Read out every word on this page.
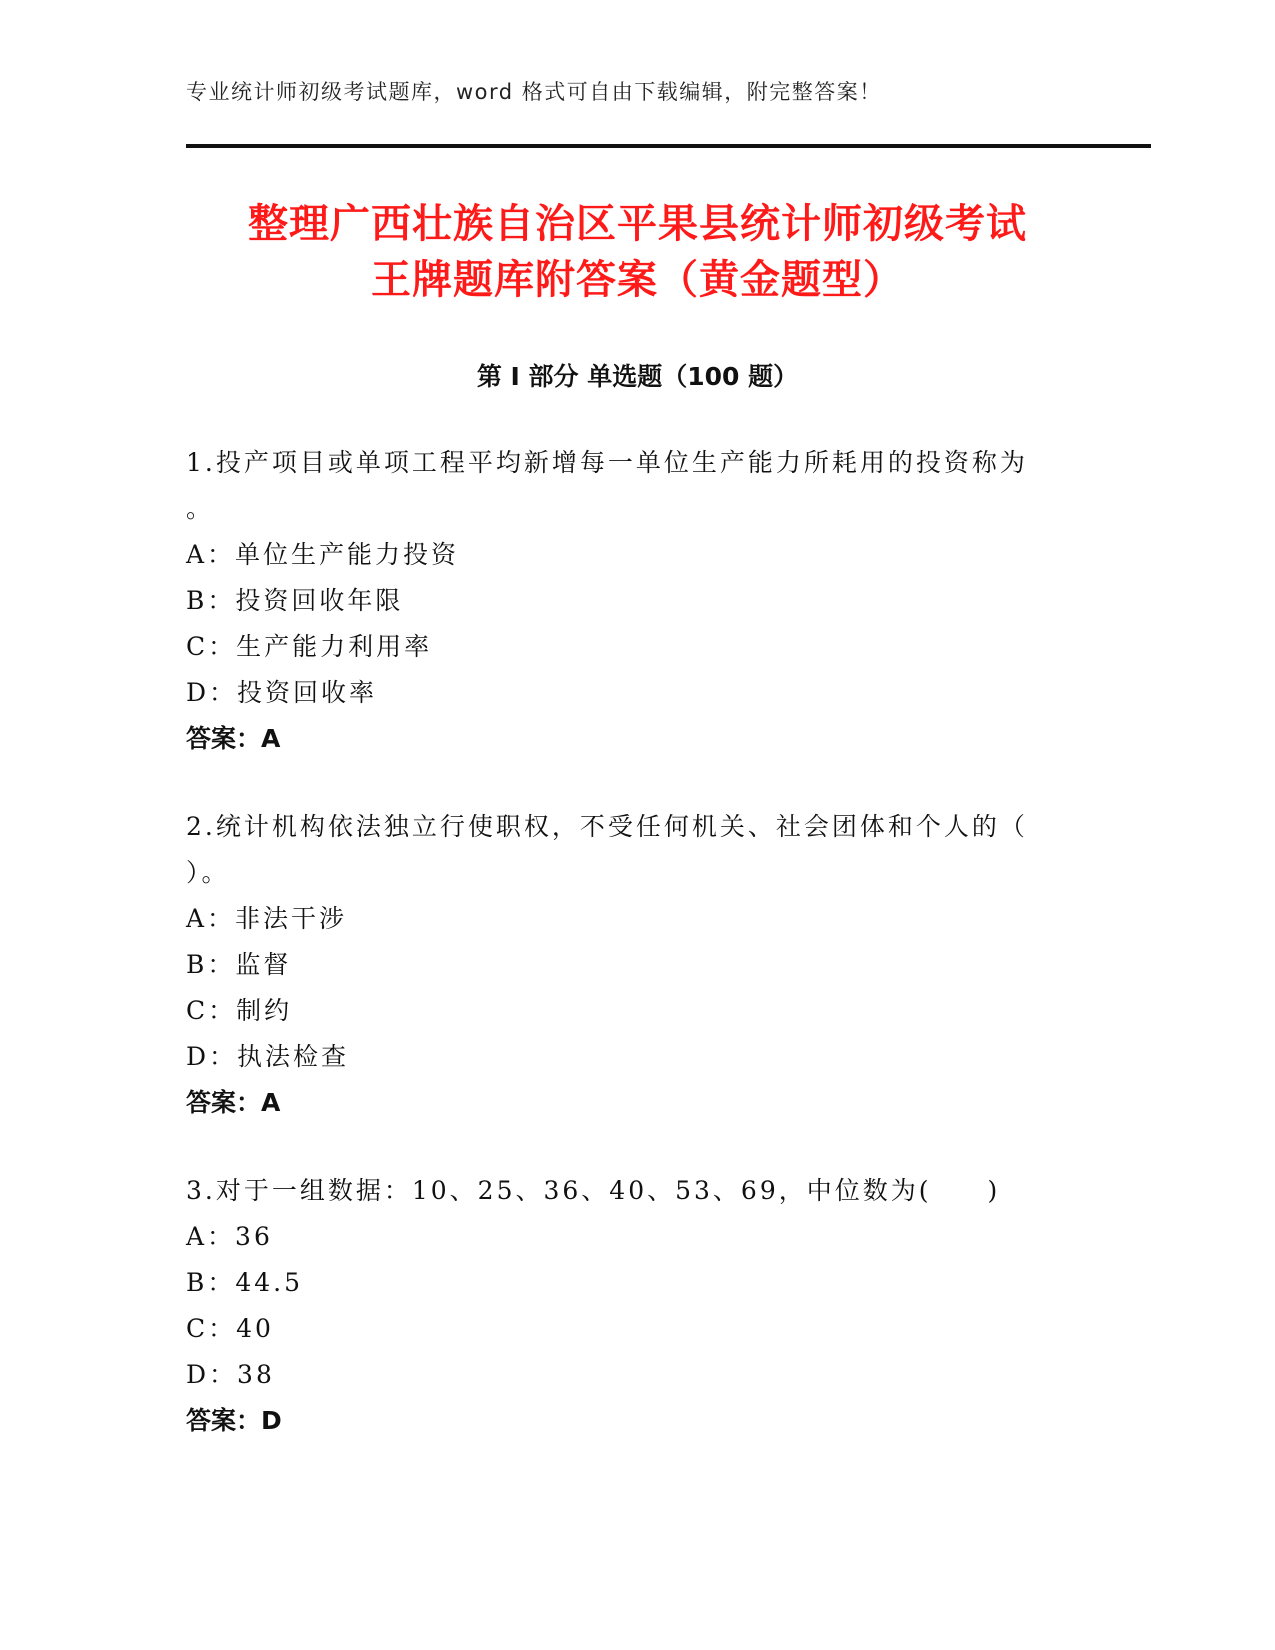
专业统计师初级考试题库，word 格式可自由下载编辑，附完整答案！
整理广西壮族自治区平果县统计师初级考试
王牌题库附答案（黄金题型）
第 I 部分 单选题（100 题）

1.投产项目或单项工程平均新增每一单位生产能力所耗用的投资称为

。

A：单位生产能力投资

B：投资回收年限

C：生产能力利用率

D：投资回收率

答案：A

2.统计机构依法独立行使职权，不受任何机关、社会团体和个人的（

）。

A：非法干涉

B：监督

C：制约

D：执法检查

答案：A

3.对于一组数据：10、25、36、40、53、69，中位数为(　　)

A：36

B：44.5

C：40

D：38

答案：D
